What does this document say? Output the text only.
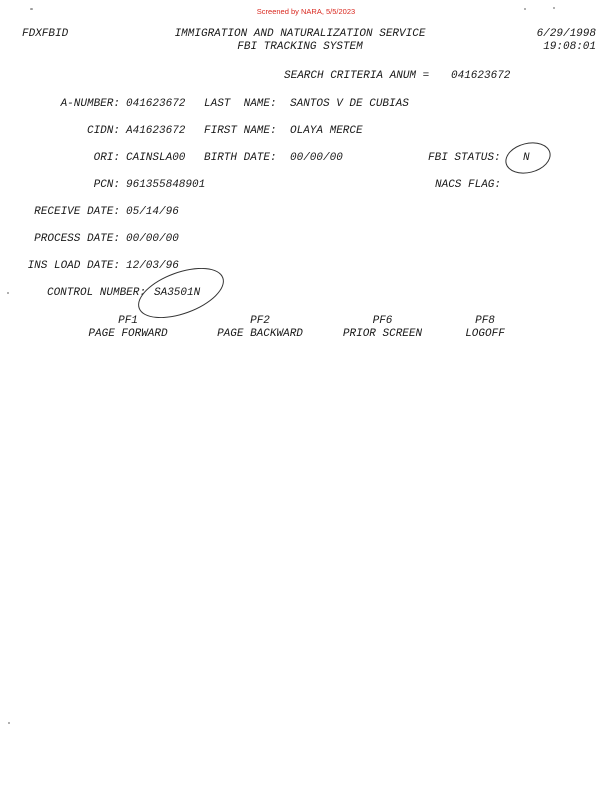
Screened by NARA, 5/5/2023
FDXFBID	IMMIGRATION AND NATURALIZATION SERVICE
FBI TRACKING SYSTEM
6/29/1998
19:08:01
SEARCH CRITERIA ANUM = 041623672
A-NUMBER: 041623672 LAST  NAME: SANTOS V DE CUBIAS
CIDN: A41623672 FIRST NAME: OLAYA MERCE
ORI: CAINSLA00 BIRTH DATE: 00/00/00	FBI STATUS: N
PCN: 961355848901	NACS FLAG:
RECEIVE DATE: 05/14/96
PROCESS DATE: 00/00/00
INS LOAD DATE: 12/03/96
CONTROL NUMBER: SA3501N
PF1
PAGE FORWARD
PF2
PAGE BACKWARD
PF6
PRIOR SCREEN
PF8
LOGOFF
